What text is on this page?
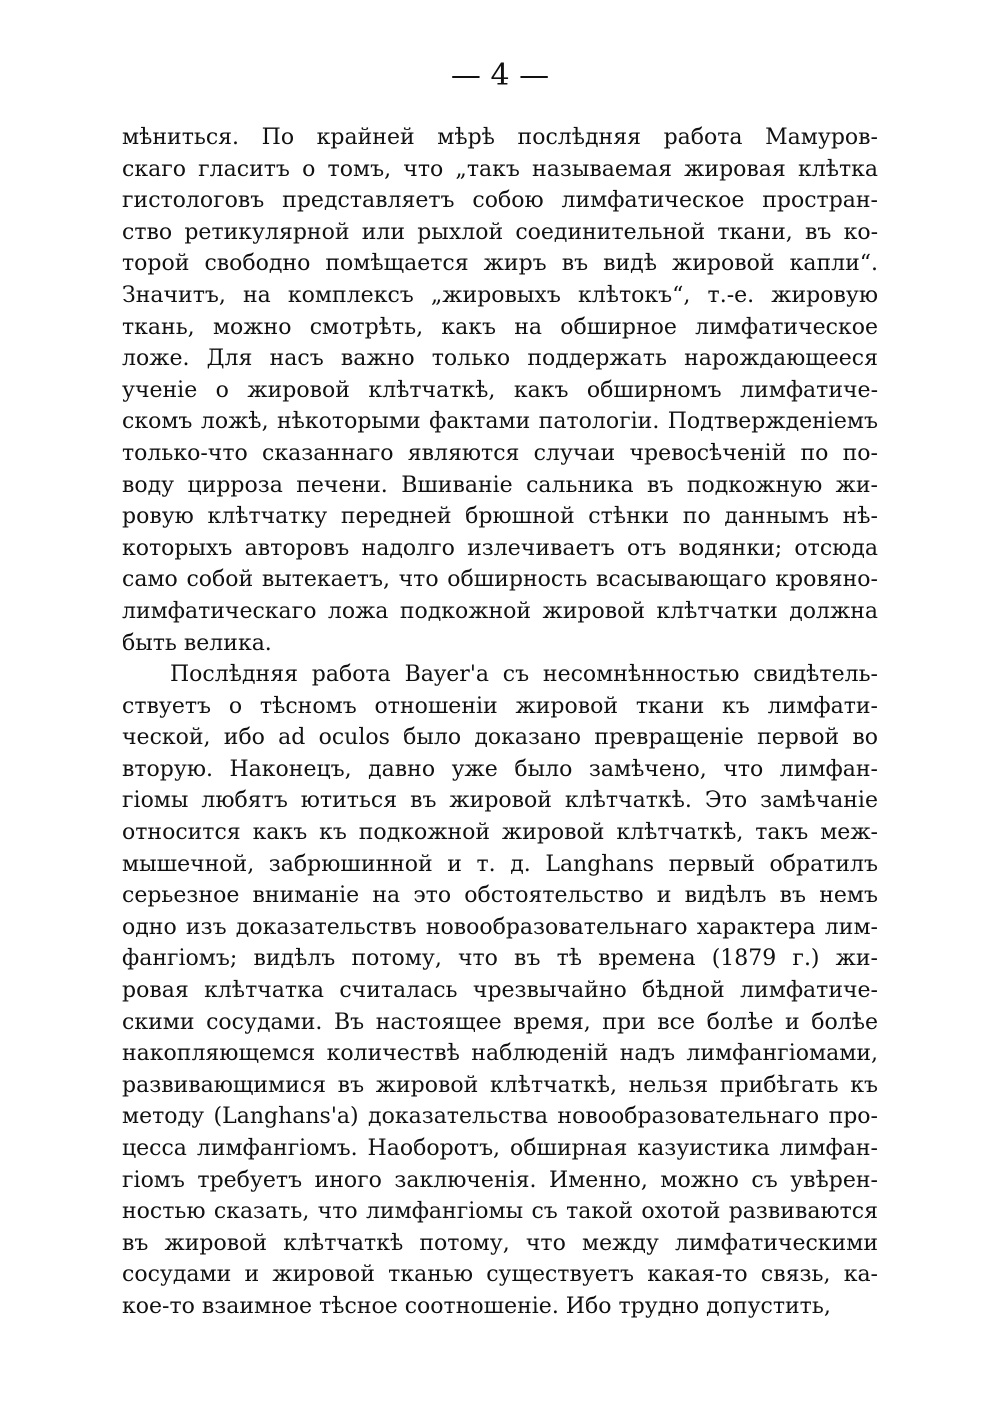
— 4 —
мѣниться. По крайней мѣрѣ послѣдняя работа Мамуров-
скаго гласитъ о томъ, что „такъ называемая жировая клѣтка
гистологовъ представляетъ собою лимфатическое простран-
ство ретикулярной или рыхлой соединительной ткани, въ ко-
торой свободно помѣщается жиръ въ видѣ жировой капли“.
Значитъ, на комплексъ „жировыхъ клѣтокъ“, т.-е. жировую
ткань, можно смотрѣть, какъ на обширное лимфатическое
ложе. Для насъ важно только поддержать нарождающееся
ученіе о жировой клѣтчаткѣ, какъ обширномъ лимфатиче-
скомъ ложѣ, нѣкоторыми фактами патологіи. Подтвержденіемъ
только-что сказаннаго являются случаи чревосѣченій по по-
воду цирроза печени. Вшиваніе сальника въ подкожную жи-
ровую клѣтчатку передней брюшной стѣнки по даннымъ нѣ-
которыхъ авторовъ надолго излечиваетъ отъ водянки; отсюда
само собой вытекаетъ, что обширность всасывающаго кровяно-
лимфатическаго ложа подкожной жировой клѣтчатки должна
быть велика.
Послѣдняя работа Bayer'а съ несомнѣнностью свидѣтель-
ствуетъ о тѣсномъ отношеніи жировой ткани къ лимфати-
ческой, ибо ad oculos было доказано превращеніе первой во
вторую. Наконецъ, давно уже было замѣчено, что лимфан-
гіомы любятъ ютиться въ жировой клѣтчаткѣ. Это замѣчаніе
относится какъ къ подкожной жировой клѣтчаткѣ, такъ меж-
мышечной, забрюшинной и т. д. Langhans первый обратилъ
серьезное вниманіе на это обстоятельство и видѣлъ въ немъ
одно изъ доказательствъ новообразовательнаго характера лим-
фангіомъ; видѣлъ потому, что въ тѣ времена (1879 г.) жи-
ровая клѣтчатка считалась чрезвычайно бѣдной лимфатиче-
скими сосудами. Въ настоящее время, при все болѣе и болѣе
накопляющемся количествѣ наблюденій надъ лимфангіомами,
развивающимися въ жировой клѣтчаткѣ, нельзя прибѣгать къ
методу (Langhans'а) доказательства новообразовательнаго про-
цесса лимфангіомъ. Наоборотъ, обширная казуистика лимфан-
гіомъ требуетъ иного заключенія. Именно, можно съ увѣрен-
ностью сказать, что лимфангіомы съ такой охотой развиваются
въ жировой клѣтчаткѣ потому, что между лимфатическими
сосудами и жировой тканью существуетъ какая-то связь, ка-
кое-то взаимное тѣсное соотношеніе. Ибо трудно допустить,
